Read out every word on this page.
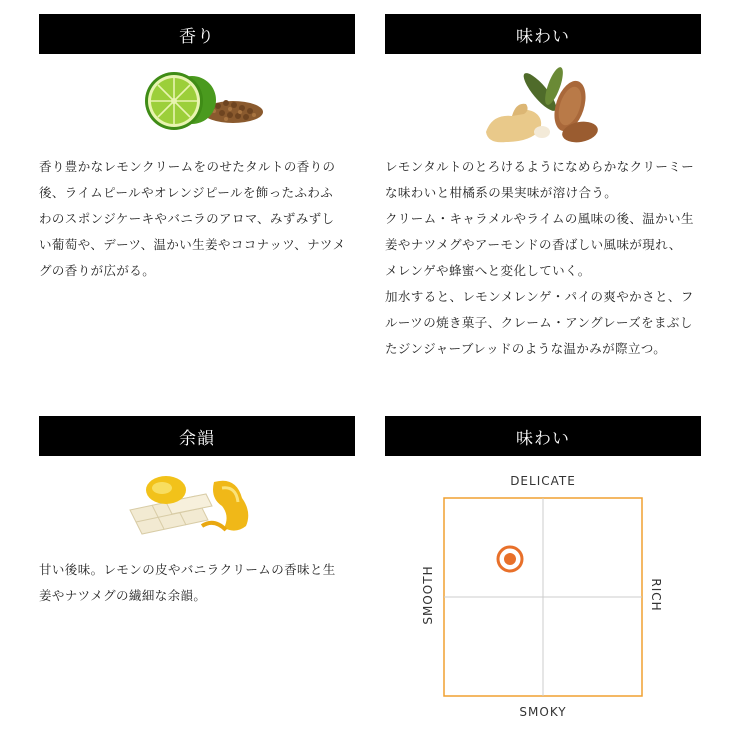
香り

香り豊かなレモンクリームをのせたタルトの香りの

後、ライムピールやオレンジピールを飾ったふわふ

わのスポンジケーキやバニラのアロマ、みずみずし

い葡萄や、デーツ、温かい生姜やココナッツ、ナツメ

グの香りが広がる。

味わい

レモンタルトのとろけるようになめらかなクリーミー

な味わいと柑橘系の果実味が溶け合う。

クリーム・キャラメルやライムの風味の後、温かい生

姜やナツメグやアーモンドの香ばしい風味が現れ、

メレンゲや蜂蜜へと変化していく。

加水すると、レモンメレンゲ・パイの爽やかさと、フ

ルーツの焼き菓子、クレーム・アングレーズをまぶし

たジンジャーブレッドのような温かみが際立つ。

余韻

甘い後味。レモンの皮やバニラクリームの香味と生

姜やナツメグの繊細な余韻。

味わい
DELICATE
SMOKY
SMOOTH	RICH
